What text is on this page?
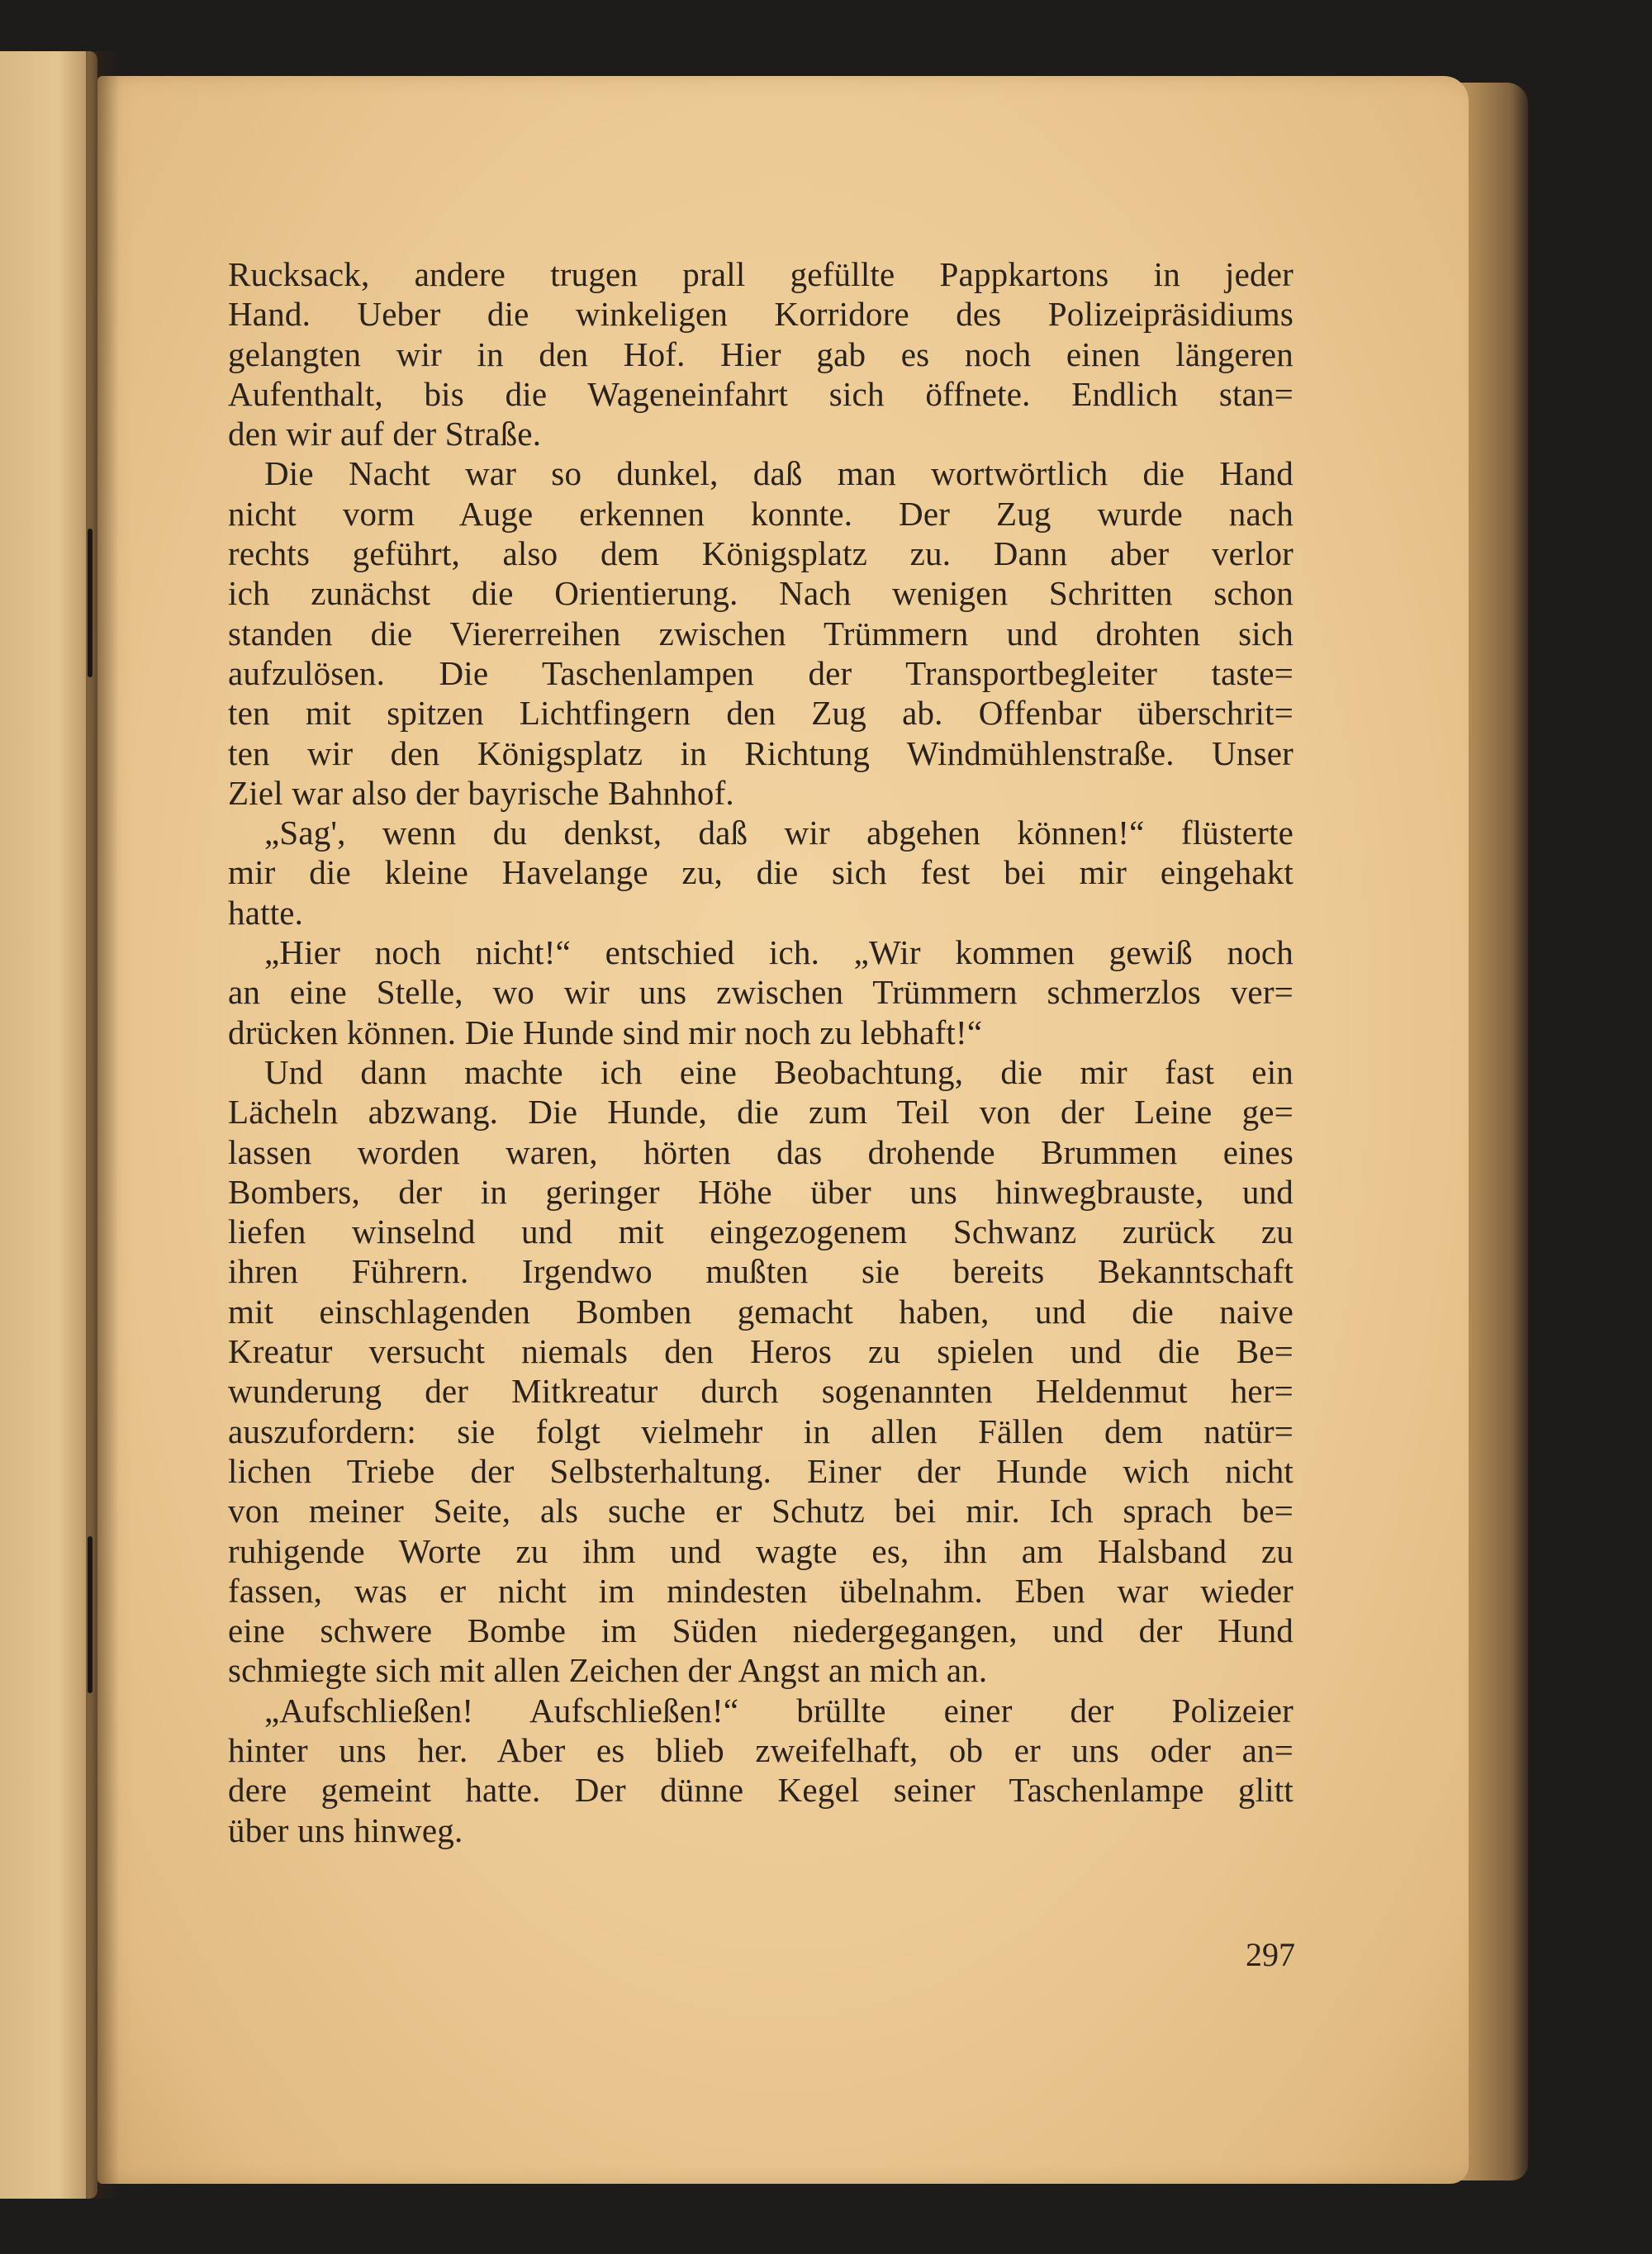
Rucksack, andere trugen prall gefüllte Pappkartons in jeder
Hand. Ueber die winkeligen Korridore des Polizeipräsidiums
gelangten wir in den Hof. Hier gab es noch einen längeren
Aufenthalt, bis die Wageneinfahrt sich öffnete. Endlich stan=
den wir auf der Straße.
Die Nacht war so dunkel, daß man wortwörtlich die Hand
nicht vorm Auge erkennen konnte. Der Zug wurde nach
rechts geführt, also dem Königsplatz zu. Dann aber verlor
ich zunächst die Orientierung. Nach wenigen Schritten schon
standen die Viererreihen zwischen Trümmern und drohten sich
aufzulösen. Die Taschenlampen der Transportbegleiter taste=
ten mit spitzen Lichtfingern den Zug ab. Offenbar überschrit=
ten wir den Königsplatz in Richtung Windmühlenstraße. Unser
Ziel war also der bayrische Bahnhof.
„Sag', wenn du denkst, daß wir abgehen können!“ flüsterte
mir die kleine Havelange zu, die sich fest bei mir eingehakt
hatte.
„Hier noch nicht!“ entschied ich. „Wir kommen gewiß noch
an eine Stelle, wo wir uns zwischen Trümmern schmerzlos ver=
drücken können. Die Hunde sind mir noch zu lebhaft!“
Und dann machte ich eine Beobachtung, die mir fast ein
Lächeln abzwang. Die Hunde, die zum Teil von der Leine ge=
lassen worden waren, hörten das drohende Brummen eines
Bombers, der in geringer Höhe über uns hinwegbrauste, und
liefen winselnd und mit eingezogenem Schwanz zurück zu
ihren Führern. Irgendwo mußten sie bereits Bekanntschaft
mit einschlagenden Bomben gemacht haben, und die naive
Kreatur versucht niemals den Heros zu spielen und die Be=
wunderung der Mitkreatur durch sogenannten Heldenmut her=
auszufordern: sie folgt vielmehr in allen Fällen dem natür=
lichen Triebe der Selbsterhaltung. Einer der Hunde wich nicht
von meiner Seite, als suche er Schutz bei mir. Ich sprach be=
ruhigende Worte zu ihm und wagte es, ihn am Halsband zu
fassen, was er nicht im mindesten übelnahm. Eben war wieder
eine schwere Bombe im Süden niedergegangen, und der Hund
schmiegte sich mit allen Zeichen der Angst an mich an.
„Aufschließen! Aufschließen!“ brüllte einer der Polizeier
hinter uns her. Aber es blieb zweifelhaft, ob er uns oder an=
dere gemeint hatte. Der dünne Kegel seiner Taschenlampe glitt
über uns hinweg.
297
